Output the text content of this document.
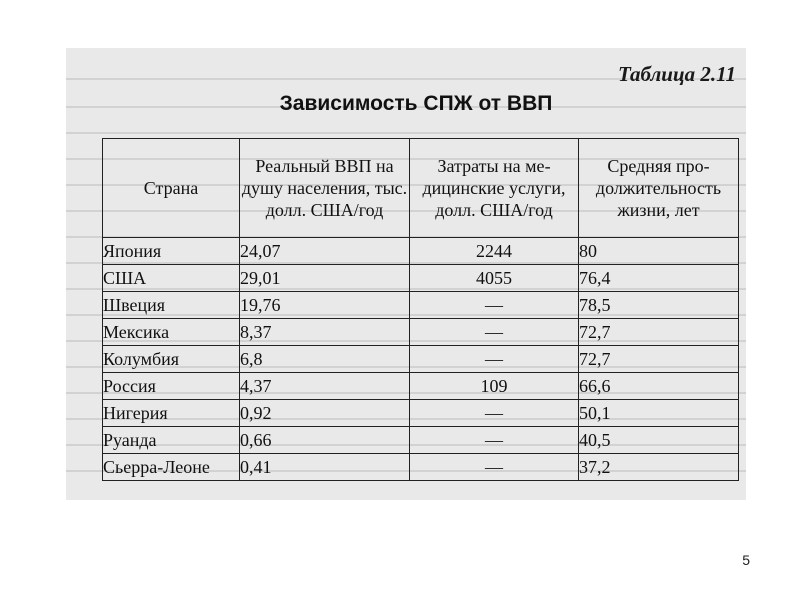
Таблица 2.11
Зависимость СПЖ от ВВП
Страна	Реальный ВВП на душу населения, тыс. долл. США/год	Затраты на медицинские услуги, долл. США/год	Средняя продолжительность жизни, лет
Япония	24,07	2244	80
США	29,01	4055	76,4
Швеция	19,76	—	78,5
Мексика	8,37	—	72,7
Колумбия	6,8	—	72,7
Россия	4,37	109	66,6
Нигерия	0,92	—	50,1
Руанда	0,66	—	40,5
Сьерра-Леоне	0,41	—	37,2
5
